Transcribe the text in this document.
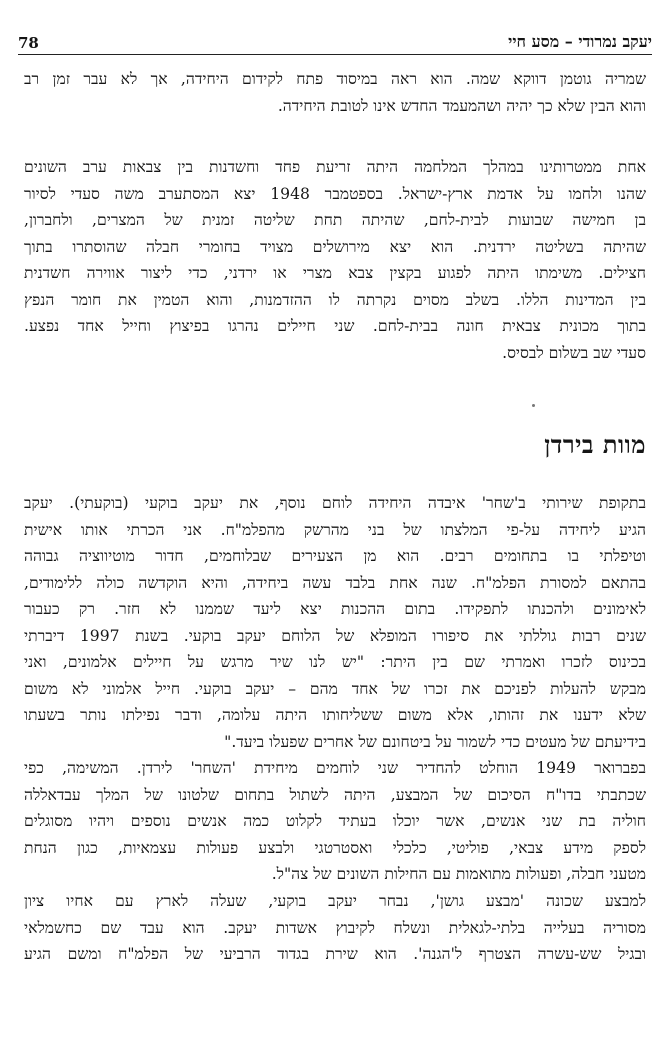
78	יעקב נמרודי – מסע חיי
שמריה גוטמן דווקא שמה. הוא ראה במיסוד פתח לקידום היחידה, אך לא עבר זמן רב
והוא הבין שלא כך יהיה ושהמעמד החדש אינו לטובת היחידה.
אחת ממטרותינו במהלך המלחמה היתה זריעת פחד וחשדנות בין צבאות ערב השונים
שהנו ולחמו על אדמת ארץ-ישראל. בספטמבר 1948 יצא המסתערב משה סעדי לסיור
בן חמישה שבועות לבית-לחם, שהיתה תחת שליטה זמנית של המצרים, ולחברון,
שהיתה בשליטה ירדנית. הוא יצא מירושלים מצויד בחומרי חבלה שהוסתרו בתוך
חצילים. משימתו היתה לפגוע בקצין צבא מצרי או ירדני, כדי ליצור אווירה חשדנית
בין המדינות הללו. בשלב מסוים נקרתה לו ההזדמנות, והוא הטמין את חומר הנפץ
בתוך מכונית צבאית חונה בבית-לחם. שני חיילים נהרגו בפיצוץ וחייל אחד נפצע.
סעדי שב בשלום לבסיס.
מוות בירדן
בתקופת שירותי ב'שחר' איבדה היחידה לוחם נוסף, את יעקב בוקעי (בוקעתי). יעקב
הגיע ליחידה על-פי המלצתו של בני מהרשק מהפלמ"ח. אני הכרתי אותו אישית
וטיפלתי בו בתחומים רבים. הוא מן הצעירים שבלוחמים, חדור מוטיווציה גבוהה
בהתאם למסורת הפלמ"ח. שנה אחת בלבד עשה ביחידה, והיא הוקדשה כולה ללימודים,
לאימונים ולהכנתו לתפקידו. בתום ההכנות יצא ליעד שממנו לא חזר. רק כעבור
שנים רבות גוללתי את סיפורו המופלא של הלוחם יעקב בוקעי. בשנת 1997 דיברתי
בכינוס לזכרו ואמרתי שם בין היתר: "יש לנו שיר מרגש על חיילים אלמונים, ואני
מבקש להעלות לפניכם את זכרו של אחד מהם – יעקב בוקעי. חייל אלמוני לא משום
שלא ידענו את זהותו, אלא משום ששליחותו היתה עלומה, ודבר נפילתו נותר בשעתו
בידיעתם של מעטים כדי לשמור על ביטחונם של אחרים שפעלו ביעד."
בפברואר 1949 הוחלט להחדיר שני לוחמים מיחידת 'השחר' לירדן. המשימה, כפי
שכתבתי בדו"ח הסיכום של המבצע, היתה לשתול בתחום שלטונו של המלך עבדאללה
חוליה בת שני אנשים, אשר יוכלו בעתיד לקלוט כמה אנשים נוספים ויהיו מסוגלים
לספק מידע צבאי, פוליטי, כלכלי ואסטרטגי ולבצע פעולות עצמאיות, כגון הנחת
מטעני חבלה, ופעולות מתואמות עם החילות השונים של צה"ל.
למבצע שכונה 'מבצע גושן', נבחר יעקב בוקעי, שעלה לארץ עם אחיו ציון
מסוריה בעלייה בלתי-לגאלית ונשלח לקיבוץ אשדות יעקב. הוא עבד שם כחשמלאי
ובגיל שש-עשרה הצטרף ל'הגנה'. הוא שירת בגדוד הרביעי של הפלמ"ח ומשם הגיע
